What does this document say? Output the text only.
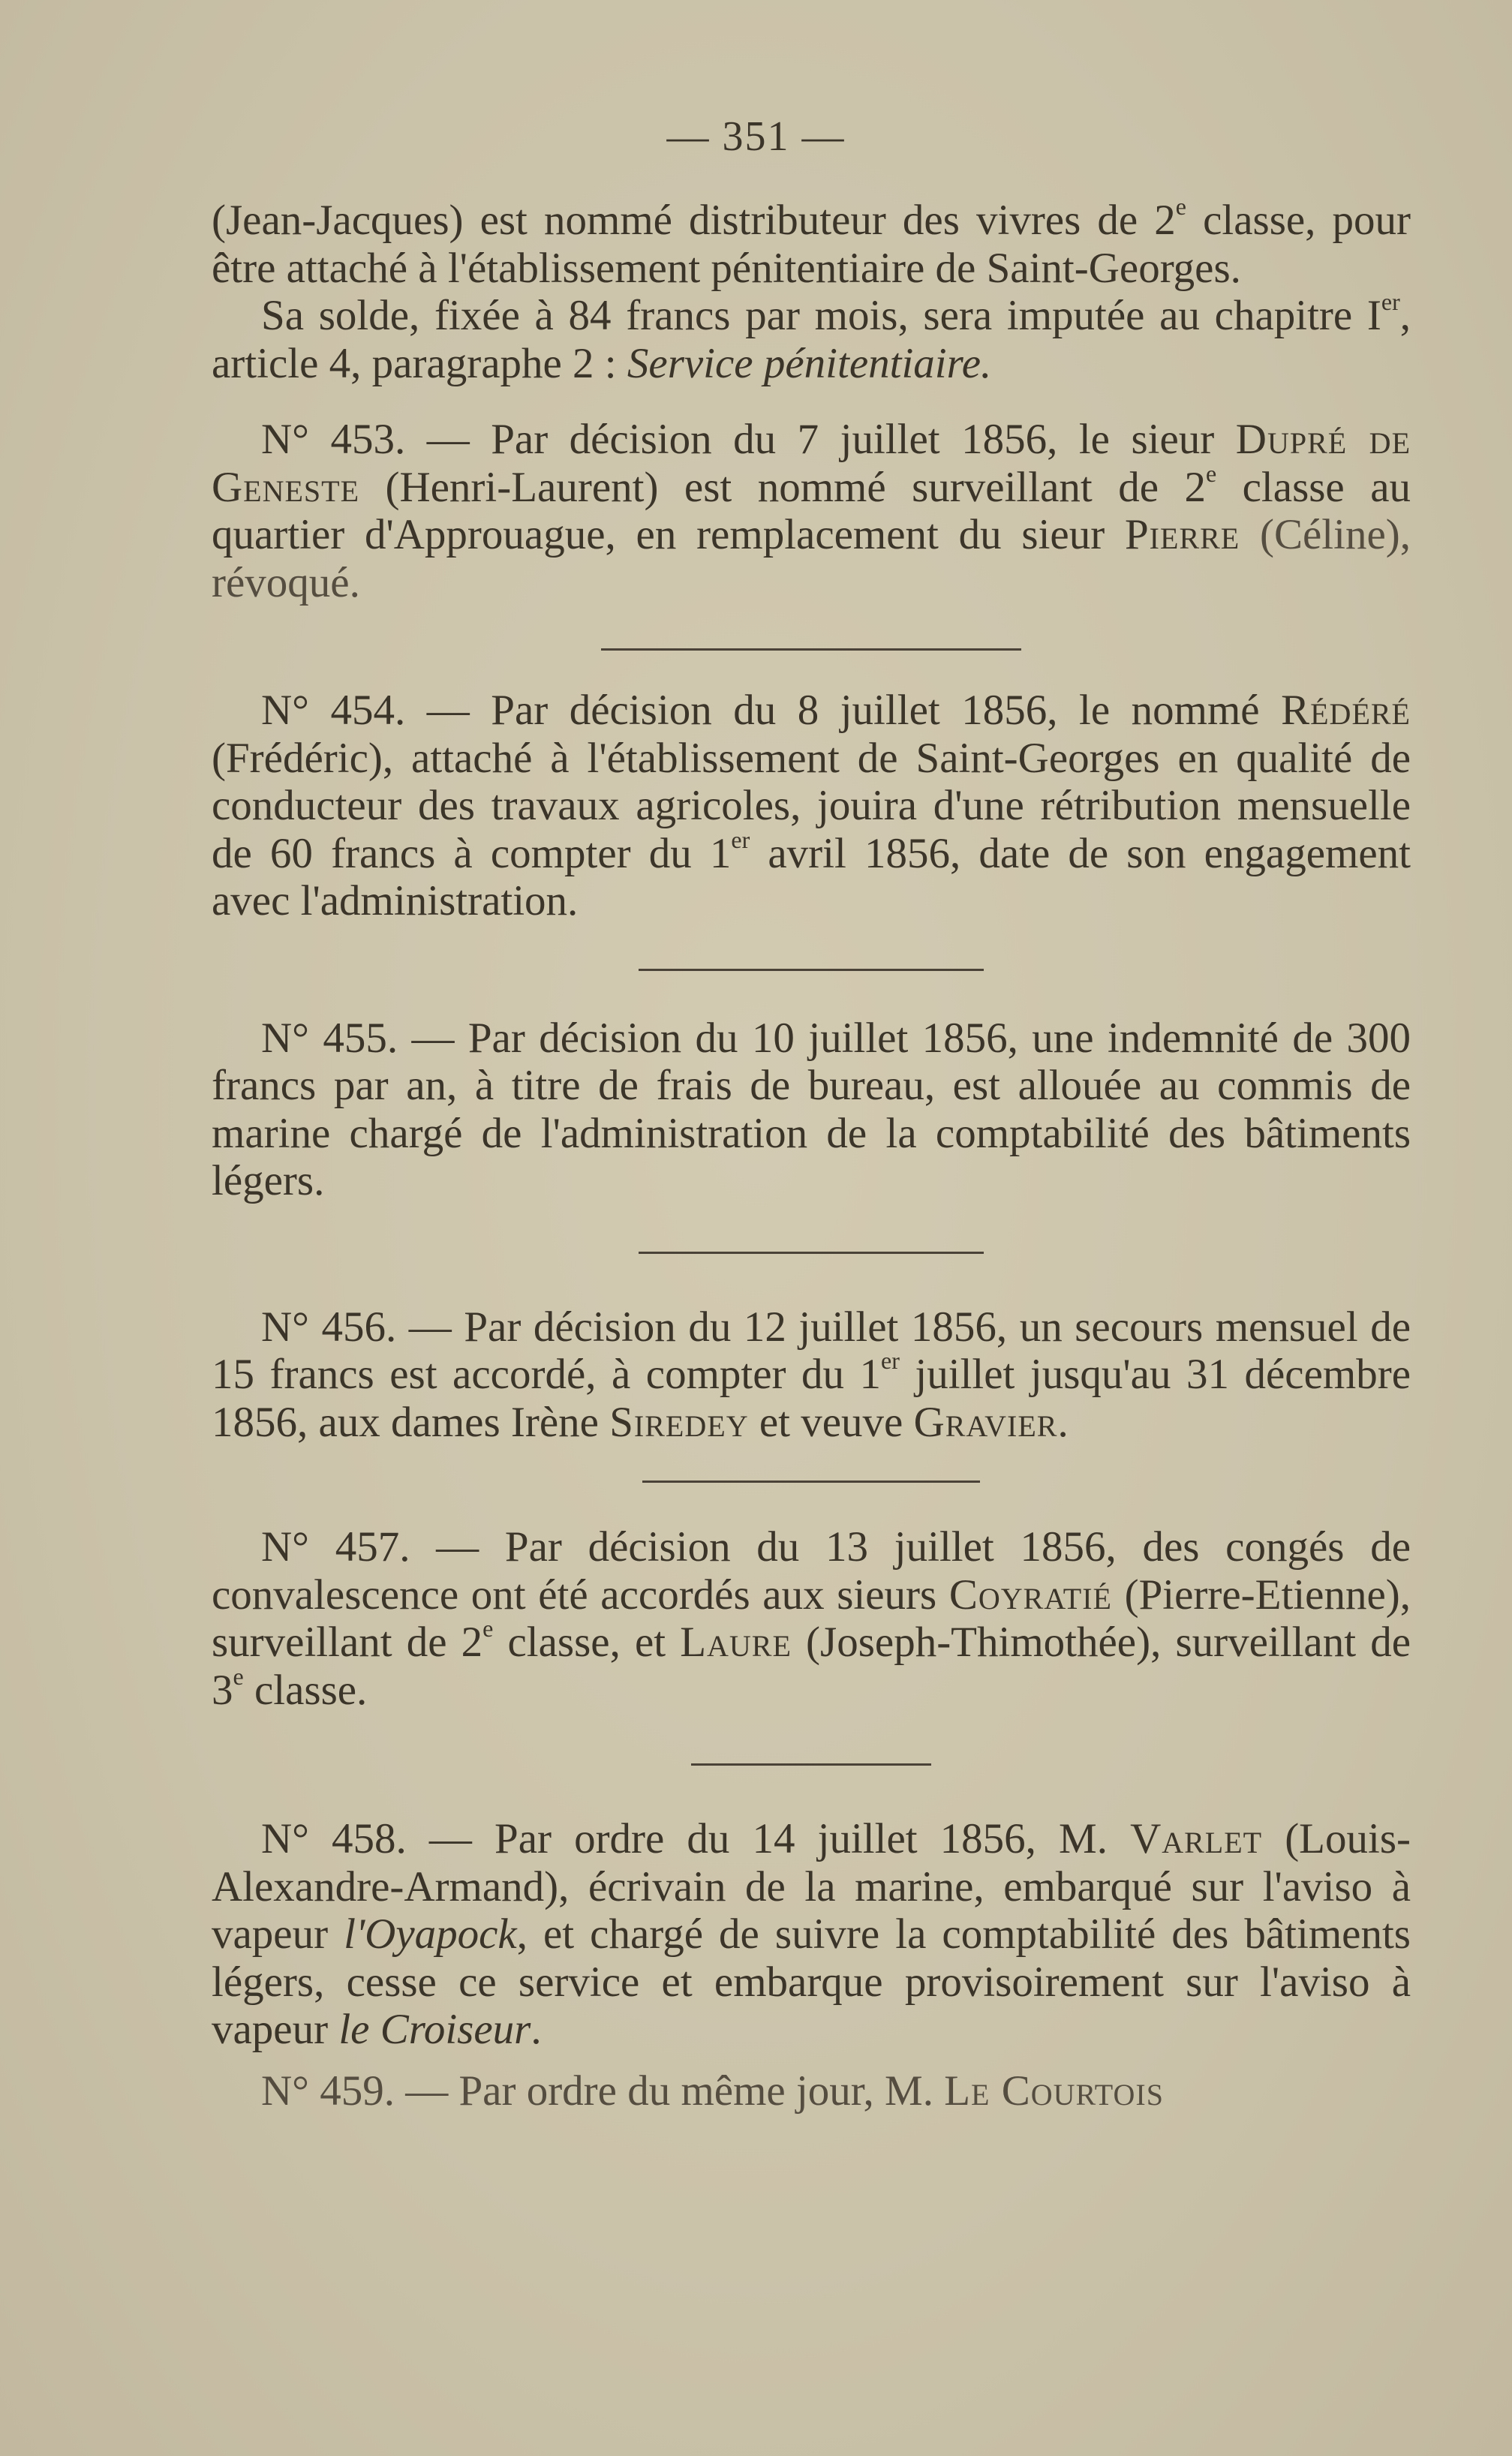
— 351 —

(Jean-Jacques) est nommé distributeur des vivres de 2e classe, pour être attaché à l'établissement pénitentiaire de Saint-Georges.

Sa solde, fixée à 84 francs par mois, sera imputée au chapitre Ier, article 4, paragraphe 2 : Service pénitentiaire.

N° 453. — Par décision du 7 juillet 1856, le sieur Dupré de Geneste (Henri-Laurent) est nommé surveillant de 2e classe au quartier d'Approuague, en remplacement du sieur Pierre (Céline), révoqué.

N° 454. — Par décision du 8 juillet 1856, le nommé Rédéré (Frédéric), attaché à l'établissement de Saint-Georges en qualité de conducteur des travaux agricoles, jouira d'une rétribution mensuelle de 60 francs à compter du 1er avril 1856, date de son engagement avec l'administration.

N° 455. — Par décision du 10 juillet 1856, une indemnité de 300 francs par an, à titre de frais de bureau, est allouée au commis de marine chargé de l'administration de la comptabilité des bâtiments légers.

N° 456. — Par décision du 12 juillet 1856, un secours mensuel de 15 francs est accordé, à compter du 1er juillet jusqu'au 31 décembre 1856, aux dames Irène Siredey et veuve Gravier.

N° 457. — Par décision du 13 juillet 1856, des congés de convalescence ont été accordés aux sieurs Coyratié (Pierre-Etienne), surveillant de 2e classe, et Laure (Joseph-Thimothée), surveillant de 3e classe.

N° 458. — Par ordre du 14 juillet 1856, M. Varlet (Louis-Alexandre-Armand), écrivain de la marine, embarqué sur l'aviso à vapeur l'Oyapock, et chargé de suivre la comptabilité des bâtiments légers, cesse ce service et embarque provisoirement sur l'aviso à vapeur le Croiseur.

N° 459. — Par ordre du même jour, M. Le Courtois
